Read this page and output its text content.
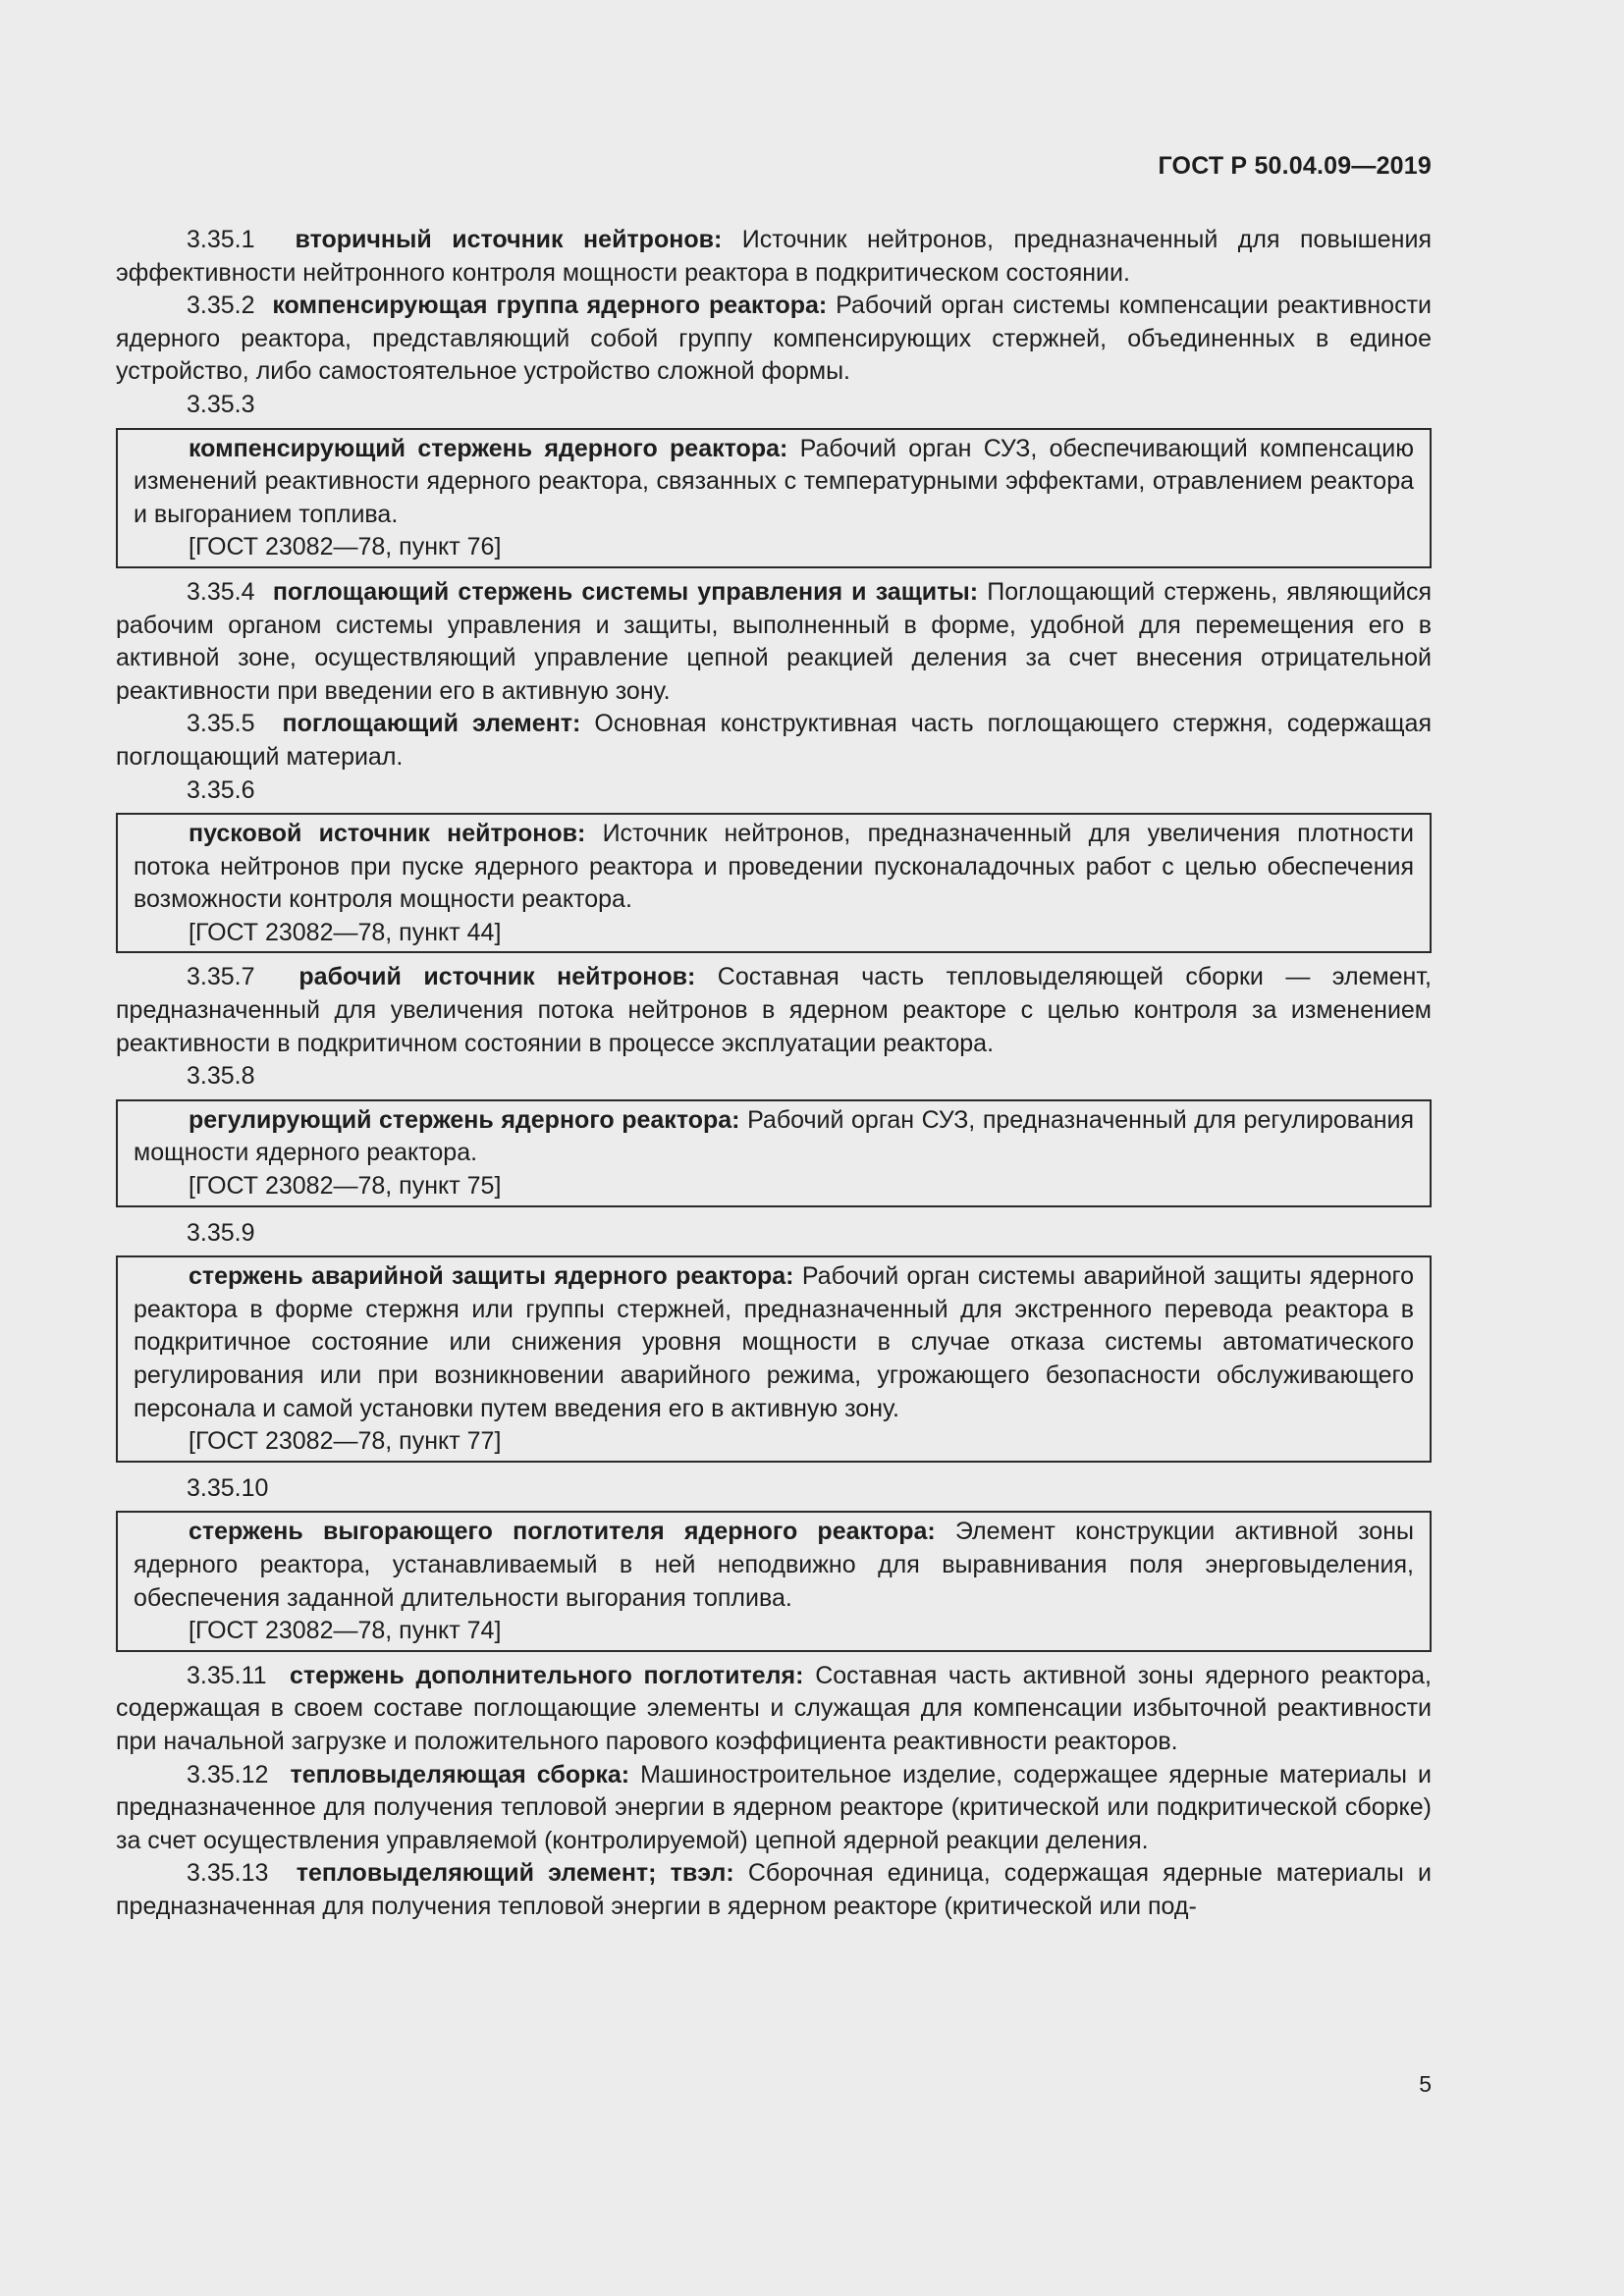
ГОСТ Р 50.04.09—2019

3.35.1 вторичный источник нейтронов: Источник нейтронов, предназначенный для повышения эффективности нейтронного контроля мощности реактора в подкритическом состоянии.

3.35.2 компенсирующая группа ядерного реактора: Рабочий орган системы компенсации реактивности ядерного реактора, представляющий собой группу компенсирующих стержней, объединенных в единое устройство, либо самостоятельное устройство сложной формы.

3.35.3

компенсирующий стержень ядерного реактора: Рабочий орган СУЗ, обеспечивающий компенсацию изменений реактивности ядерного реактора, связанных с температурными эффектами, отравлением реактора и выгоранием топлива.

[ГОСТ 23082—78, пункт 76]

3.35.4 поглощающий стержень системы управления и защиты: Поглощающий стержень, являющийся рабочим органом системы управления и защиты, выполненный в форме, удобной для перемещения его в активной зоне, осуществляющий управление цепной реакцией деления за счет внесения отрицательной реактивности при введении его в активную зону.

3.35.5 поглощающий элемент: Основная конструктивная часть поглощающего стержня, содержащая поглощающий материал.

3.35.6

пусковой источник нейтронов: Источник нейтронов, предназначенный для увеличения плотности потока нейтронов при пуске ядерного реактора и проведении пусконаладочных работ с целью обеспечения возможности контроля мощности реактора.

[ГОСТ 23082—78, пункт 44]

3.35.7 рабочий источник нейтронов: Составная часть тепловыделяющей сборки — элемент, предназначенный для увеличения потока нейтронов в ядерном реакторе с целью контроля за изменением реактивности в подкритичном состоянии в процессе эксплуатации реактора.

3.35.8

регулирующий стержень ядерного реактора: Рабочий орган СУЗ, предназначенный для регулирования мощности ядерного реактора.

[ГОСТ 23082—78, пункт 75]

3.35.9

стержень аварийной защиты ядерного реактора: Рабочий орган системы аварийной защиты ядерного реактора в форме стержня или группы стержней, предназначенный для экстренного перевода реактора в подкритичное состояние или снижения уровня мощности в случае отказа системы автоматического регулирования или при возникновении аварийного режима, угрожающего безопасности обслуживающего персонала и самой установки путем введения его в активную зону.

[ГОСТ 23082—78, пункт 77]

3.35.10

стержень выгорающего поглотителя ядерного реактора: Элемент конструкции активной зоны ядерного реактора, устанавливаемый в ней неподвижно для выравнивания поля энерговыделения, обеспечения заданной длительности выгорания топлива.

[ГОСТ 23082—78, пункт 74]

3.35.11 стержень дополнительного поглотителя: Составная часть активной зоны ядерного реактора, содержащая в своем составе поглощающие элементы и служащая для компенсации избыточной реактивности при начальной загрузке и положительного парового коэффициента реактивности реакторов.

3.35.12 тепловыделяющая сборка: Машиностроительное изделие, содержащее ядерные материалы и предназначенное для получения тепловой энергии в ядерном реакторе (критической или подкритической сборке) за счет осуществления управляемой (контролируемой) цепной ядерной реакции деления.

3.35.13 тепловыделяющий элемент; твэл: Сборочная единица, содержащая ядерные материалы и предназначенная для получения тепловой энергии в ядерном реакторе (критической или под-

5
